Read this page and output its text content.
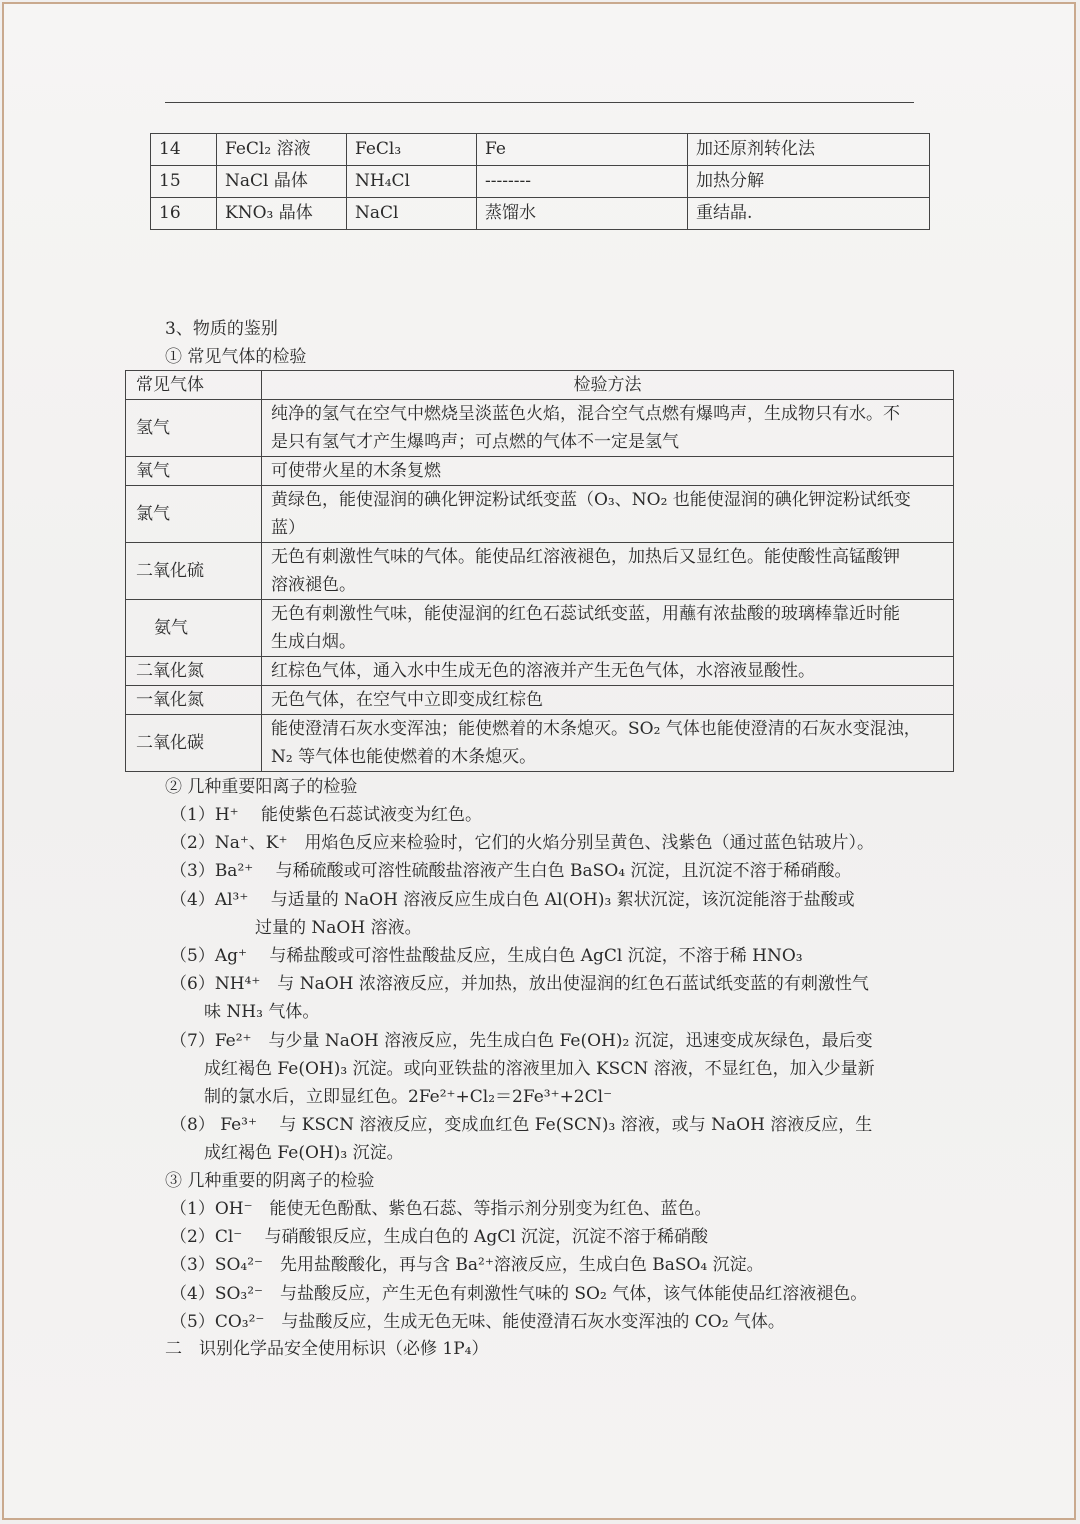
14	FeCl₂ 溶液	FeCl₃	Fe	加还原剂转化法
15	NaCl 晶体	NH₄Cl	--------	加热分解
16	KNO₃ 晶体	NaCl	蒸馏水	重结晶.
3、物质的鉴别
① 常见气体的检验
常见气体	检验方法
氢气	纯净的氢气在空气中燃烧呈淡蓝色火焰，混合空气点燃有爆鸣声，生成物只有水。不
是只有氢气才产生爆鸣声；可点燃的气体不一定是氢气

氧气	可使带火星的木条复燃

氯气	黄绿色，能使湿润的碘化钾淀粉试纸变蓝（O₃、NO₂ 也能使湿润的碘化钾淀粉试纸变
蓝）

二氧化硫	无色有刺激性气味的气体。能使品红溶液褪色，加热后又显红色。能使酸性高锰酸钾
溶液褪色。

氨气	无色有刺激性气味，能使湿润的红色石蕊试纸变蓝，用蘸有浓盐酸的玻璃棒靠近时能
生成白烟。

二氧化氮	红棕色气体，通入水中生成无色的溶液并产生无色气体，水溶液显酸性。

一氧化氮	无色气体，在空气中立即变成红棕色

二氧化碳	能使澄清石灰水变浑浊；能使燃着的木条熄灭。SO₂ 气体也能使澄清的石灰水变混浊，
N₂ 等气体也能使燃着的木条熄灭。
② 几种重要阳离子的检验
（1）H⁺　 能使紫色石蕊试液变为红色。
（2）Na⁺、K⁺　用焰色反应来检验时，它们的火焰分别呈黄色、浅紫色（通过蓝色钴玻片）。
（3）Ba²⁺　 与稀硫酸或可溶性硫酸盐溶液产生白色 BaSO₄ 沉淀，且沉淀不溶于稀硝酸。
（4）Al³⁺　 与适量的 NaOH 溶液反应生成白色 Al(OH)₃ 絮状沉淀，该沉淀能溶于盐酸或
　　　　　过量的 NaOH 溶液。
（5）Ag⁺　 与稀盐酸或可溶性盐酸盐反应，生成白色 AgCl 沉淀，不溶于稀 HNO₃
（6）NH⁴⁺　与 NaOH 浓溶液反应，并加热，放出使湿润的红色石蓝试纸变蓝的有刺激性气
　　味 NH₃ 气体。
（7）Fe²⁺　与少量 NaOH 溶液反应，先生成白色 Fe(OH)₂ 沉淀，迅速变成灰绿色，最后变
　　成红褐色 Fe(OH)₃ 沉淀。或向亚铁盐的溶液里加入 KSCN 溶液，不显红色，加入少量新
　　制的氯水后，立即显红色。2Fe²⁺+Cl₂＝2Fe³⁺+2Cl⁻
（8） Fe³⁺　 与 KSCN 溶液反应，变成血红色 Fe(SCN)₃ 溶液，或与 NaOH 溶液反应，生
　　成红褐色 Fe(OH)₃ 沉淀。
③ 几种重要的阴离子的检验
（1）OH⁻　能使无色酚酞、紫色石蕊、等指示剂分别变为红色、蓝色。
（2）Cl⁻　 与硝酸银反应，生成白色的 AgCl 沉淀，沉淀不溶于稀硝酸
（3）SO₄²⁻　先用盐酸酸化，再与含 Ba²⁺溶液反应，生成白色 BaSO₄ 沉淀。
（4）SO₃²⁻　与盐酸反应，产生无色有刺激性气味的 SO₂ 气体，该气体能使品红溶液褪色。
（5）CO₃²⁻　与盐酸反应，生成无色无味、能使澄清石灰水变浑浊的 CO₂ 气体。
二　识别化学品安全使用标识（必修 1P₄）
